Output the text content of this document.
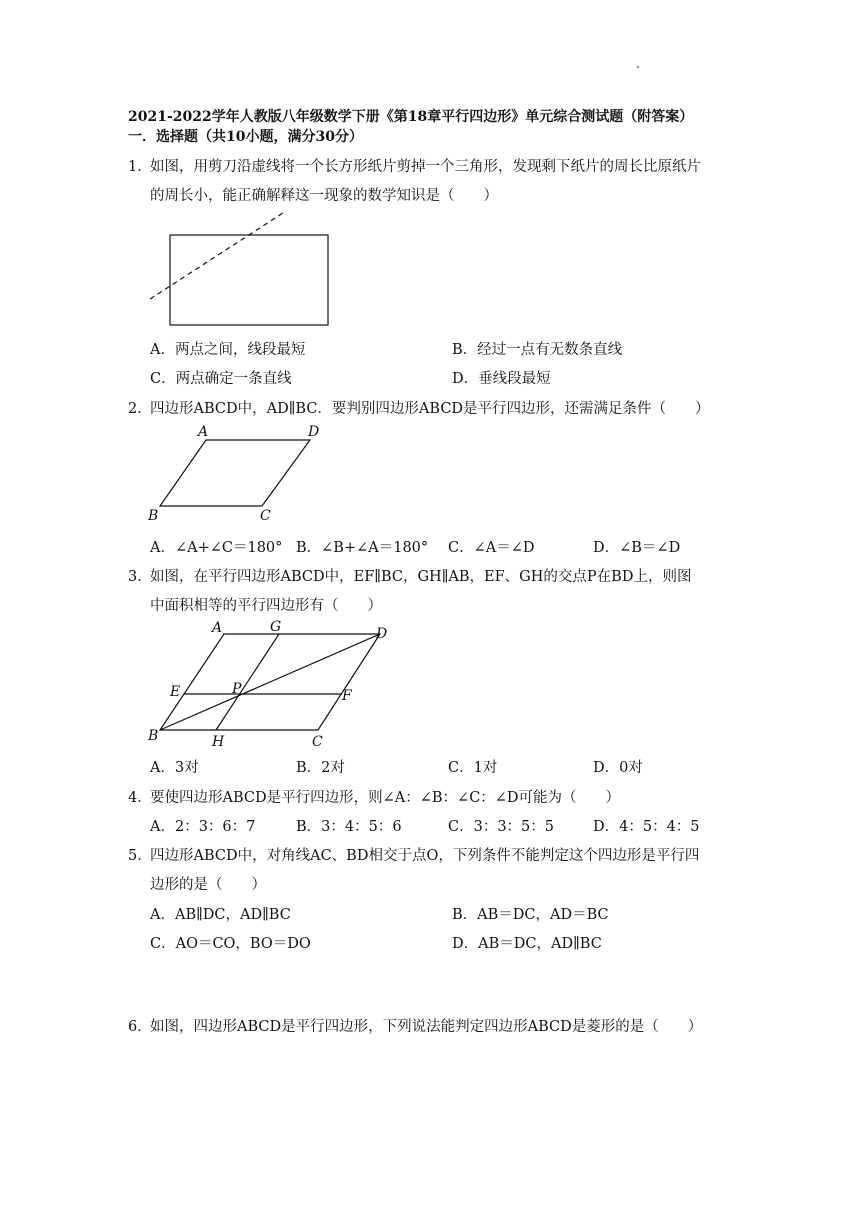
2021-2022学年人教版八年级数学下册《第18章平行四边形》单元综合测试题（附答案）
一．选择题（共10小题，满分30分）
1．
如图，用剪刀沿虚线将一个长方形纸片剪掉一个三角形，发现剩下纸片的周长比原纸片
的周长小，能正确解释这一现象的数学知识是（　　）
A．两点之间，线段最短	B．经过一点有无数条直线
C．两点确定一条直线	D．垂线段最短
2．
四边形ABCD中，AD∥BC．要判别四边形ABCD是平行四边形，还需满足条件（　　）
A	D
B	C
A．∠A+∠C＝180° B．∠B+∠A＝180° C．∠A＝∠D	D．∠B＝∠D
3．
如图，在平行四边形ABCD中，EF∥BC，GH∥AB，EF、GH的交点P在BD上，则图
中面积相等的平行四边形有（　　）
A	G	D
E	P	F
B	H	C
A．3对	B．2对	C．1对	D．0对
4．
要使四边形ABCD是平行四边形，则∠A：∠B：∠C：∠D可能为（　　）
A．2：3：6：7	B．3：4：5：6	C．3：3：5：5	D．4：5：4：5
5．
四边形ABCD中，对角线AC、BD相交于点O，下列条件不能判定这个四边形是平行四
边形的是（　　）
A．AB∥DC，AD∥BC	B．AB＝DC，AD＝BC
C．AO＝CO，BO＝DO	D．AB＝DC，AD∥BC
6．
如图，四边形ABCD是平行四边形，下列说法能判定四边形ABCD是菱形的是（　　）
